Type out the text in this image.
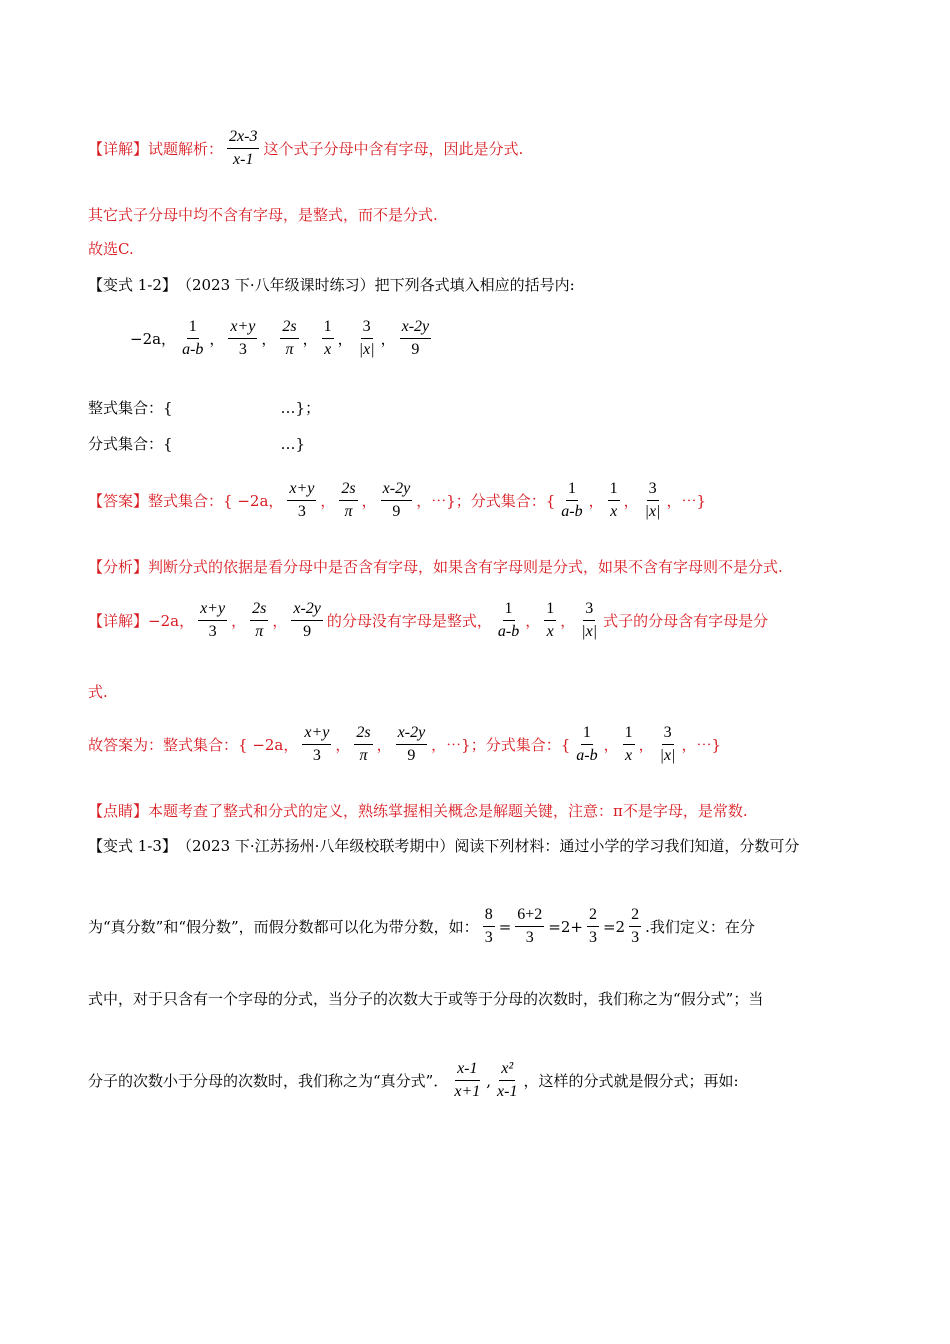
【详解】 试题解析： $\frac{2x-3}{x-1}$ 这个式子分母中含有字母，因此是分式.
其它式子分母中均不含有字母，是整式，而不是分式.
故选C.
【变式 1-2】 （2023 下·八年级课时练习） 把下列各式填入相应的括号内:
−2a， $\frac{1}{a-b}$ ， $\frac{x+y}{3}$ ， $\frac{2s}{\pi}$ ， $\frac{1}{x}$ ， $\frac{3}{|x|}$ ， $\frac{x-2y}{9}$
整式集合：{	…}；
分式集合：{	…}
【答案】 整式集合：{ −2a， $\frac{x+y}{3}$ ， $\frac{2s}{\pi}$ ， $\frac{x-2y}{9}$ ，⋯}；分式集合：{ $\frac{1}{a-b}$ ， $\frac{1}{x}$ ， $\frac{3}{|x|}$ ，⋯}
【分析】 判断分式的依据是看分母中是否含有字母，如果含有字母则是分式，如果不含有字母则不是分式.
【详解】 −2a， $\frac{x+y}{3}$ ， $\frac{2s}{\pi}$ ， $\frac{x-2y}{9}$ 的分母没有字母是整式， $\frac{1}{a-b}$ ， $\frac{1}{x}$ ， $\frac{3}{|x|}$ 式子的分母含有字母是分
式.
故答案为：整式集合：{ −2a， $\frac{x+y}{3}$ ， $\frac{2s}{\pi}$ ， $\frac{x-2y}{9}$ ，⋯}；分式集合：{ $\frac{1}{a-b}$ ， $\frac{1}{x}$ ， $\frac{3}{|x|}$ ，⋯}
【点睛】 本题考查了整式和分式的定义，熟练掌握相关概念是解题关键，注意：π不是字母，是常数.
【变式 1-3】 （2023 下·江苏扬州·八年级校联考期中） 阅读下列材料：通过小学的学习我们知道，分数可分
为“真分数”和“假分数”，而假分数都可以化为带分数，如： $\frac{8}{3} = \frac{6+2}{3} =2+ \frac{2}{3} =2 \frac{2}{3}$ .我们定义：在分
式中，对于只含有一个字母的分式，当分子的次数大于或等于分母的次数时，我们称之为“假分式”；当
分子的次数小于分母的次数时，我们称之为“真分式”． $\frac{x-1}{x+1}$ , $\frac{\text{x²}}{x-1}$ ，这样的分式就是假分式；再如:
